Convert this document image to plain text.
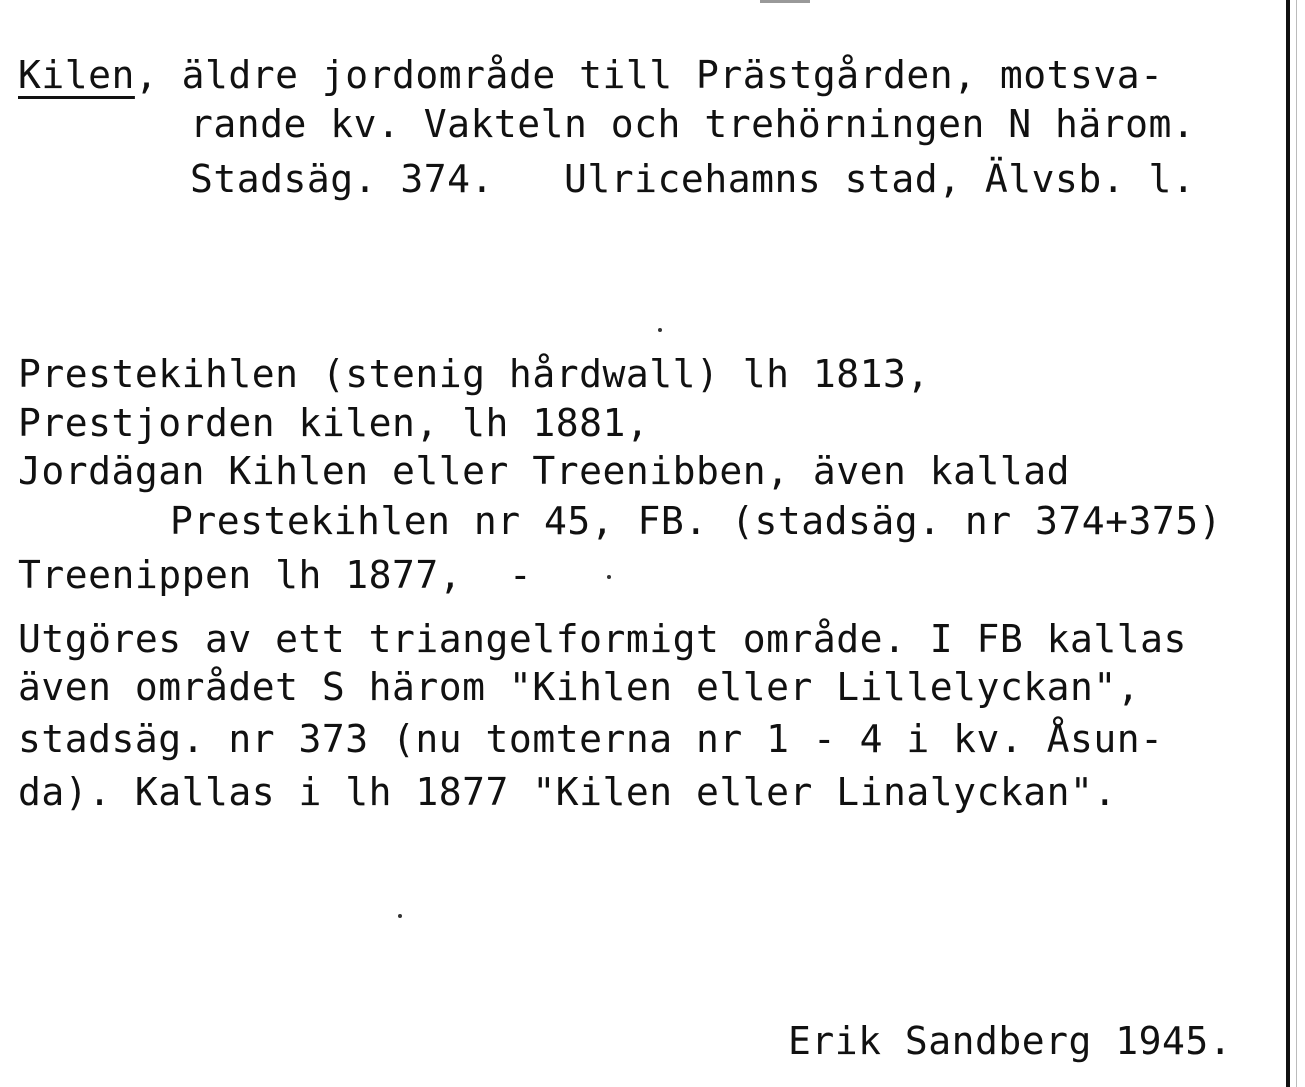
Kilen, äldre jordområde till Prästgården, motsva-
rande kv. Vakteln och trehörningen N härom.
Stadsäg. 374.   Ulricehamns stad, Älvsb. l.
Prestekihlen (stenig hårdwall) lh 1813,
Prestjorden kilen, lh 1881,
Jordägan Kihlen eller Treenibben, även kallad
Prestekihlen nr 45, FB. (stadsäg. nr 374+375)
Treenippen lh 1877,  -
Utgöres av ett triangelformigt område. I FB kallas
även området S härom "Kihlen eller Lillelyckan",
stadsäg. nr 373 (nu tomterna nr 1 - 4 i kv. Åsun-
da). Kallas i lh 1877 "Kilen eller Linalyckan".
Erik Sandberg 1945.
